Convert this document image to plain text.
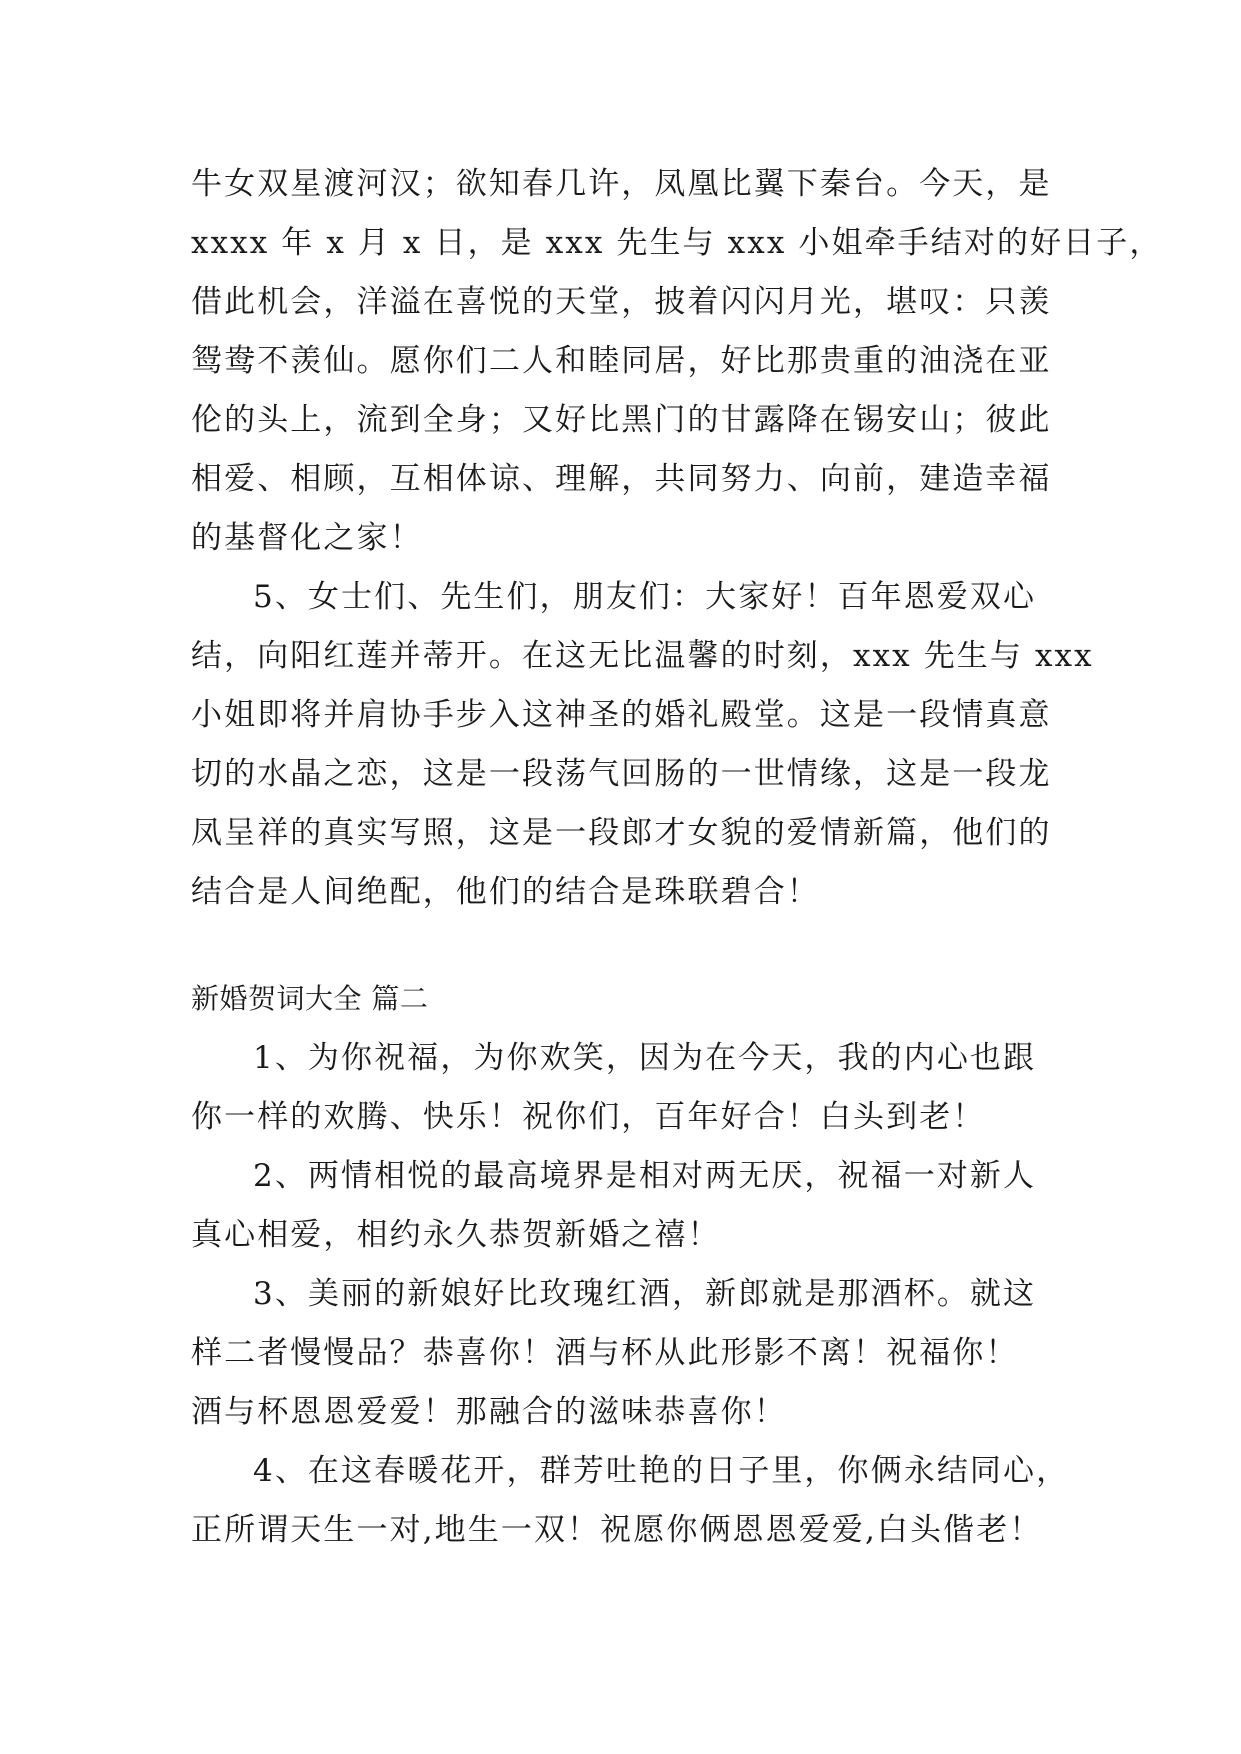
牛女双星渡河汉；欲知春几许，凤凰比翼下秦台。今天，是
xxxx 年 x 月 x 日，是 xxx 先生与 xxx 小姐牵手结对的好日子，
借此机会，洋溢在喜悦的天堂，披着闪闪月光，堪叹：只羡
鸳鸯不羡仙。愿你们二人和睦同居，好比那贵重的油浇在亚
伦的头上，流到全身；又好比黑门的甘露降在锡安山；彼此
相爱、相顾，互相体谅、理解，共同努力、向前，建造幸福
的基督化之家！
5、女士们、先生们，朋友们：大家好！百年恩爱双心
结，向阳红莲并蒂开。在这无比温馨的时刻，xxx 先生与 xxx
小姐即将并肩协手步入这神圣的婚礼殿堂。这是一段情真意
切的水晶之恋，这是一段荡气回肠的一世情缘，这是一段龙
凤呈祥的真实写照，这是一段郎才女貌的爱情新篇，他们的
结合是人间绝配，他们的结合是珠联碧合！
新婚贺词大全 篇二
1、为你祝福，为你欢笑，因为在今天，我的内心也跟
你一样的欢腾、快乐！祝你们，百年好合！白头到老！
2、两情相悦的最高境界是相对两无厌，祝福一对新人
真心相爱，相约永久恭贺新婚之禧！
3、美丽的新娘好比玫瑰红酒，新郎就是那酒杯。就这
样二者慢慢品？恭喜你！酒与杯从此形影不离！祝福你！
酒与杯恩恩爱爱！那融合的滋味恭喜你！
4、在这春暖花开，群芳吐艳的日子里，你俩永结同心，
正所谓天生一对,地生一双！祝愿你俩恩恩爱爱,白头偕老！
